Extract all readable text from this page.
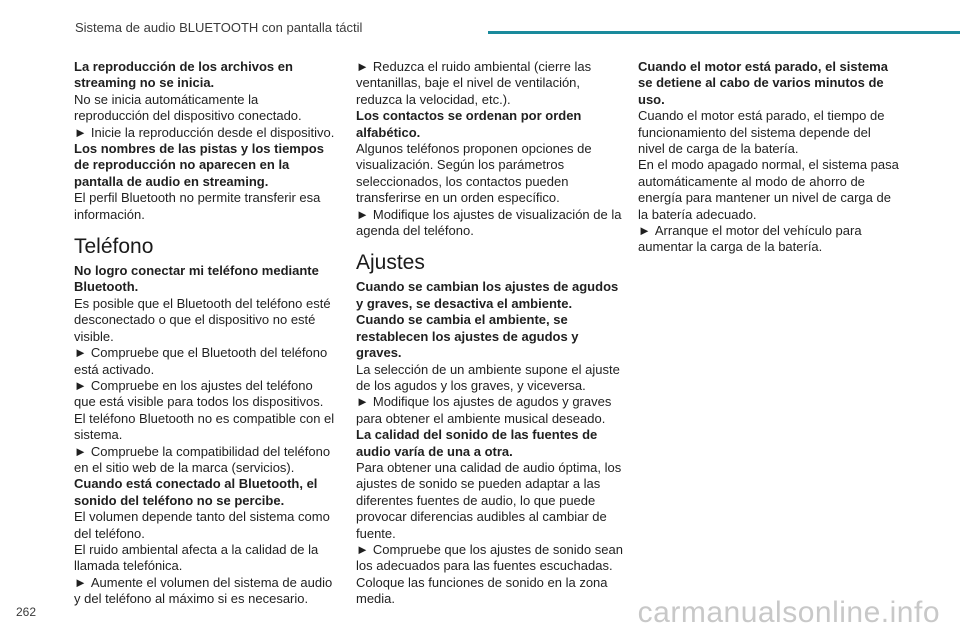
Sistema de audio BLUETOOTH con pantalla táctil

La reproducción de los archivos en streaming no se inicia.

No se inicia automáticamente la reproducción del dispositivo conectado.

► Inicie la reproducción desde el dispositivo.

Los nombres de las pistas y los tiempos de reproducción no aparecen en la pantalla de audio en streaming.

El perfil Bluetooth no permite transferir esa información.

Teléfono

No logro conectar mi teléfono mediante Bluetooth.

Es posible que el Bluetooth del teléfono esté desconectado o que el dispositivo no esté visible.

► Compruebe que el Bluetooth del teléfono está activado.

► Compruebe en los ajustes del teléfono que está visible para todos los dispositivos.

El teléfono Bluetooth no es compatible con el sistema.

► Compruebe la compatibilidad del teléfono en el sitio web de la marca (servicios).

Cuando está conectado al Bluetooth, el sonido del teléfono no se percibe.

El volumen depende tanto del sistema como del teléfono.

El ruido ambiental afecta a la calidad de la llamada telefónica.

► Aumente el volumen del sistema de audio y del teléfono al máximo si es necesario.

► Reduzca el ruido ambiental (cierre las ventanillas, baje el nivel de ventilación, reduzca la velocidad, etc.).

Los contactos se ordenan por orden alfabético.

Algunos teléfonos proponen opciones de visualización. Según los parámetros seleccionados, los contactos pueden transferirse en un orden específico.

► Modifique los ajustes de visualización de la agenda del teléfono.

Ajustes

Cuando se cambian los ajustes de agudos y graves, se desactiva el ambiente.

Cuando se cambia el ambiente, se restablecen los ajustes de agudos y graves.

La selección de un ambiente supone el ajuste de los agudos y los graves, y viceversa.

► Modifique los ajustes de agudos y graves para obtener el ambiente musical deseado.

La calidad del sonido de las fuentes de audio varía de una a otra.

Para obtener una calidad de audio óptima, los ajustes de sonido se pueden adaptar a las diferentes fuentes de audio, lo que puede provocar diferencias audibles al cambiar de fuente.

► Compruebe que los ajustes de sonido sean los adecuados para las fuentes escuchadas. Coloque las funciones de sonido en la zona media.

Cuando el motor está parado, el sistema se detiene al cabo de varios minutos de uso.

Cuando el motor está parado, el tiempo de funcionamiento del sistema depende del nivel de carga de la batería.

En el modo apagado normal, el sistema pasa automáticamente al modo de ahorro de energía para mantener un nivel de carga de la batería adecuado.

► Arranque el motor del vehículo para aumentar la carga de la batería.

262	carmanualsonline.info
